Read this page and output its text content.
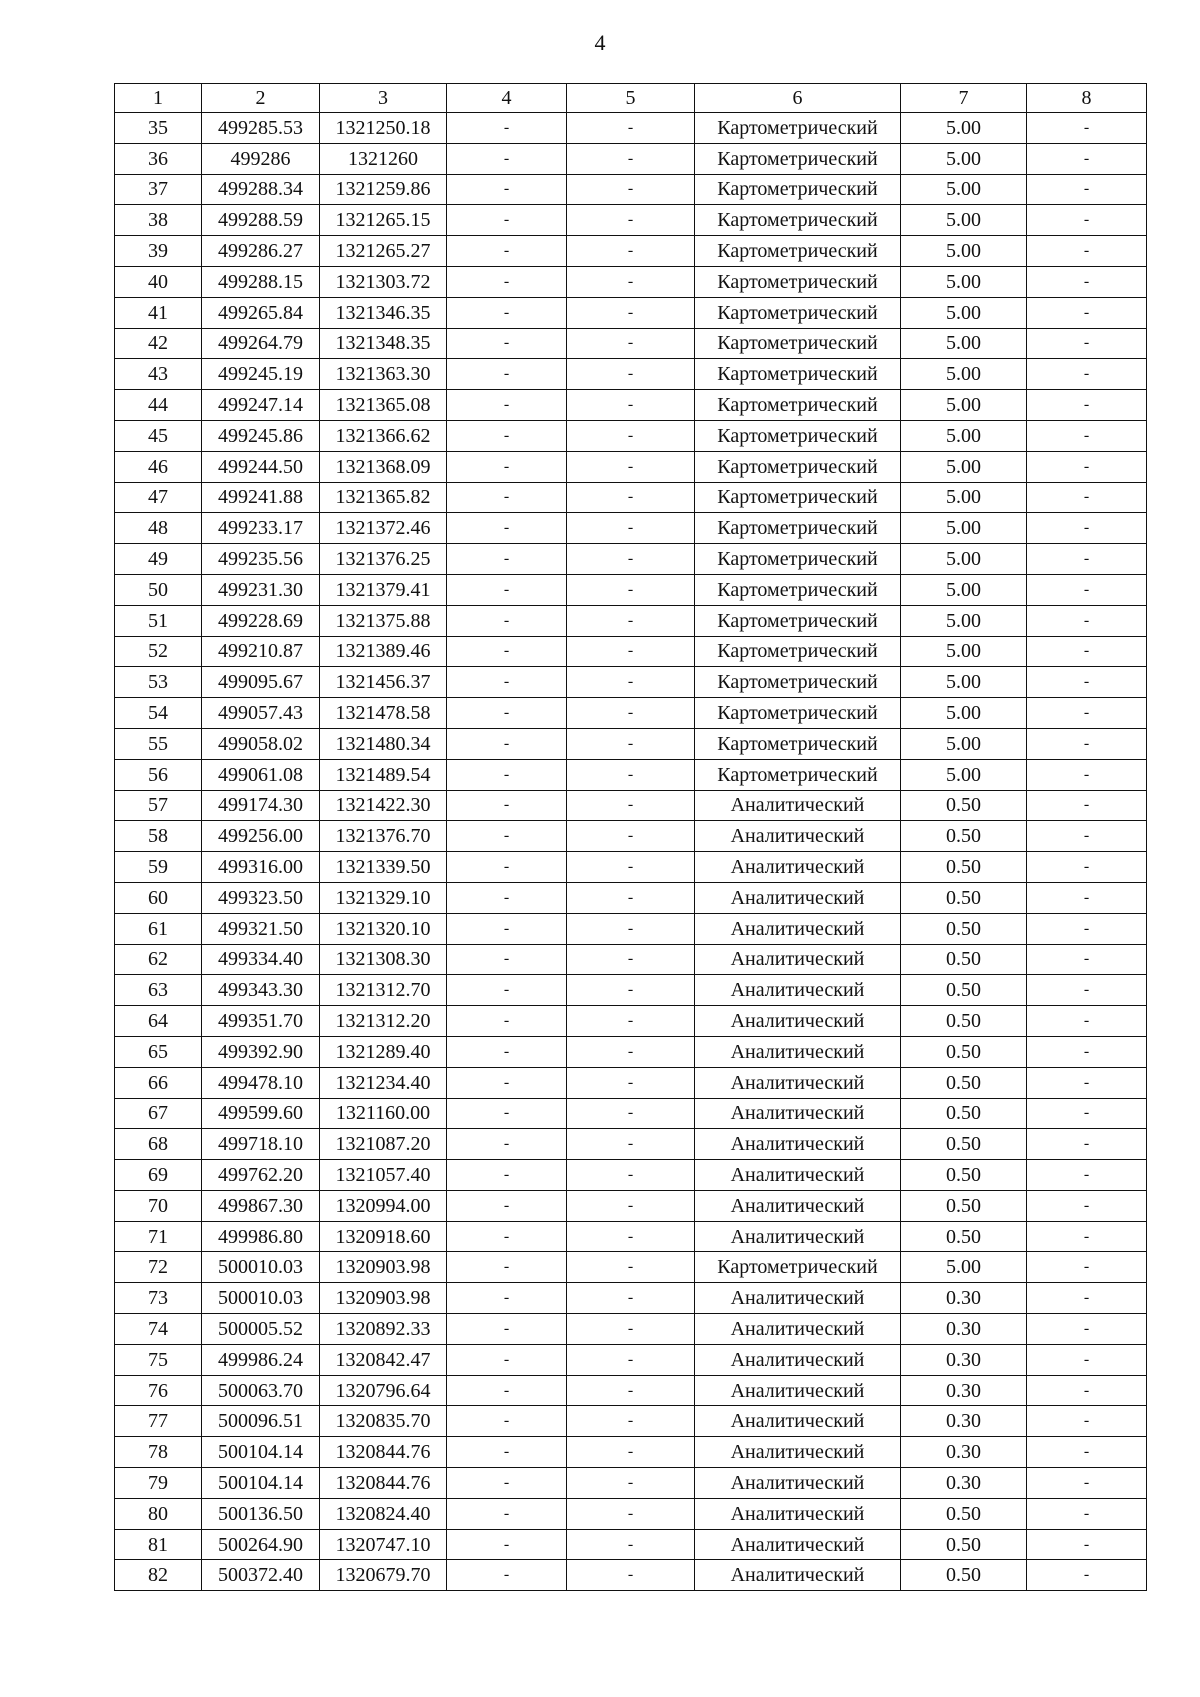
4
1	2	3	4	5	6	7	8
35	499285.53	1321250.18	-	-	Картометрический	5.00	-
36	499286	1321260	-	-	Картометрический	5.00	-
37	499288.34	1321259.86	-	-	Картометрический	5.00	-
38	499288.59	1321265.15	-	-	Картометрический	5.00	-
39	499286.27	1321265.27	-	-	Картометрический	5.00	-
40	499288.15	1321303.72	-	-	Картометрический	5.00	-
41	499265.84	1321346.35	-	-	Картометрический	5.00	-
42	499264.79	1321348.35	-	-	Картометрический	5.00	-
43	499245.19	1321363.30	-	-	Картометрический	5.00	-
44	499247.14	1321365.08	-	-	Картометрический	5.00	-
45	499245.86	1321366.62	-	-	Картометрический	5.00	-
46	499244.50	1321368.09	-	-	Картометрический	5.00	-
47	499241.88	1321365.82	-	-	Картометрический	5.00	-
48	499233.17	1321372.46	-	-	Картометрический	5.00	-
49	499235.56	1321376.25	-	-	Картометрический	5.00	-
50	499231.30	1321379.41	-	-	Картометрический	5.00	-
51	499228.69	1321375.88	-	-	Картометрический	5.00	-
52	499210.87	1321389.46	-	-	Картометрический	5.00	-
53	499095.67	1321456.37	-	-	Картометрический	5.00	-
54	499057.43	1321478.58	-	-	Картометрический	5.00	-
55	499058.02	1321480.34	-	-	Картометрический	5.00	-
56	499061.08	1321489.54	-	-	Картометрический	5.00	-
57	499174.30	1321422.30	-	-	Аналитический	0.50	-
58	499256.00	1321376.70	-	-	Аналитический	0.50	-
59	499316.00	1321339.50	-	-	Аналитический	0.50	-
60	499323.50	1321329.10	-	-	Аналитический	0.50	-
61	499321.50	1321320.10	-	-	Аналитический	0.50	-
62	499334.40	1321308.30	-	-	Аналитический	0.50	-
63	499343.30	1321312.70	-	-	Аналитический	0.50	-
64	499351.70	1321312.20	-	-	Аналитический	0.50	-
65	499392.90	1321289.40	-	-	Аналитический	0.50	-
66	499478.10	1321234.40	-	-	Аналитический	0.50	-
67	499599.60	1321160.00	-	-	Аналитический	0.50	-
68	499718.10	1321087.20	-	-	Аналитический	0.50	-
69	499762.20	1321057.40	-	-	Аналитический	0.50	-
70	499867.30	1320994.00	-	-	Аналитический	0.50	-
71	499986.80	1320918.60	-	-	Аналитический	0.50	-
72	500010.03	1320903.98	-	-	Картометрический	5.00	-
73	500010.03	1320903.98	-	-	Аналитический	0.30	-
74	500005.52	1320892.33	-	-	Аналитический	0.30	-
75	499986.24	1320842.47	-	-	Аналитический	0.30	-
76	500063.70	1320796.64	-	-	Аналитический	0.30	-
77	500096.51	1320835.70	-	-	Аналитический	0.30	-
78	500104.14	1320844.76	-	-	Аналитический	0.30	-
79	500104.14	1320844.76	-	-	Аналитический	0.30	-
80	500136.50	1320824.40	-	-	Аналитический	0.50	-
81	500264.90	1320747.10	-	-	Аналитический	0.50	-
82	500372.40	1320679.70	-	-	Аналитический	0.50	-
